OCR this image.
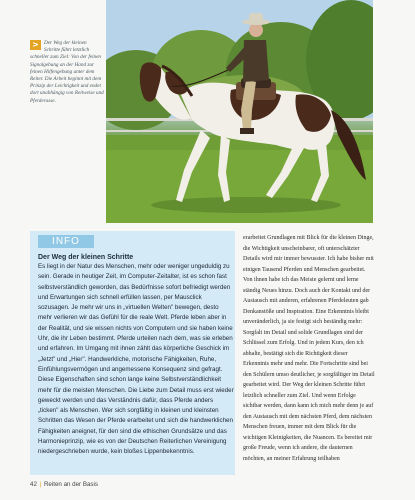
> Der Weg der kleinen Schritte führt letztlich schneller zum Ziel: Von der feinen Signalgebung an der Hand zur feinen Hilfengebung unter dem Reiter. Die Arbeit beginnt mit dem Prinzip der Leichtigkeit und endet dort unabhängig von Reitweise und Pferderasse.
INFO
Der Weg der kleinen Schritte
Es liegt in der Natur des Menschen, mehr oder weniger ungeduldig zu sein. Gerade in heutiger Zeit, im Computer-Zeitalter, ist es schon fast selbstverständlich geworden, das Bedürfnisse sofort befriedigt werden und Erwartungen sich schnell erfüllen lassen, per Mausclick sozusagen. Je mehr wir uns in „virtuellen Welten" bewegen, desto mehr verlieren wir das Gefühl für die reale Welt. Pferde leben aber in der Realität, und sie wissen nichts von Computern und sie haben keine Uhr, die ihr Leben bestimmt. Pferde urteilen nach dem, was sie erleben und erfahren. Im Umgang mit ihnen zählt das körperliche Geschick im „Jetzt" und „Hier". Handwerkliche, motorische Fähigkeiten, Ruhe, Einfühlungsvermögen und angemessene Konsequenz sind gefragt. Diese Eigenschaften sind schon lange keine Selbstverständlichkeit mehr für die meisten Menschen. Die Liebe zum Detail muss erst wieder geweckt werden und das Verständnis dafür, dass Pferde anders „ticken" als Menschen. Wer sich sorgfältig in kleinen und kleinsten Schritten das Wesen der Pferde erarbeitet und sich die handwerklichen Fähigkeiten aneignet, für den sind die ethischen Grundsätze und das Harmonieprinzip, wie es von der Deutschen Reiterlichen Vereinigung niedergeschrieben wurde, kein bloßes Lippenbekenntnis.
erarbeitet Grundlagen mit Blick für die kleinen Dinge, die Wichtigkeit unscheinbarer, oft unterschätzter Details wird mir immer bewusster. Ich habe bisher mit einigen Tausend Pferden und Menschen gearbeitet. Von ihnen habe ich das Meiste gelernt und lerne ständig Neues hinzu. Doch auch der Kontakt und der Austausch mit anderen, erfahrenen Pferdeleuten gab Denkanstöße und Inspiration. Eine Erkenntnis bleibt unveränderlich, ja sie festigt sich beständig mehr: Sorgfalt im Detail und solide Grundlagen sind der Schlüssel zum Erfolg. Und in jedem Kurs, den ich abhalte, bestätigt sich die Richtigkeit dieser Erkenntnis mehr und mehr. Die Fortschritte sind bei den Schülern umso deutlicher, je sorgfältiger im Detail gearbeitet wird. Der Weg der kleinen Schritte führt letztlich schneller zum Ziel. Und wenn Erfolge sichtbar werden, dann kann ich mich mehr denn je auf den Austausch mit dem nächsten Pferd, dem nächsten Menschen freuen, immer mit dem Blick für die wichtigen Kleinigkeiten, die Nuancen. Es bereitet mir große Freude, wenn ich andere, die dauternen möchten, an meiner Erfahrung teilhaben
42 | Reiten an der Basis
